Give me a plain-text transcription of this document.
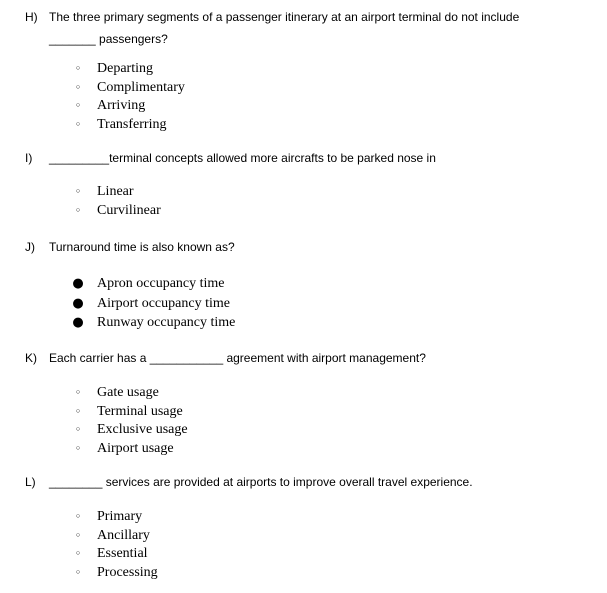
H) The three primary segments of a passenger itinerary at an airport terminal do not include
_______ passengers?
◦ Departing
◦ Complimentary
◦ Arriving
◦ Transferring
I) _________terminal concepts allowed more aircrafts to be parked nose in
◦ Linear
◦ Curvilinear
J) Turnaround time is also known as?
● Apron occupancy time
● Airport occupancy time
● Runway occupancy time
K) Each carrier has a ___________ agreement with airport management?
◦ Gate usage
◦ Terminal usage
◦ Exclusive usage
◦ Airport usage
L) ________ services are provided at airports to improve overall travel experience.
◦ Primary
◦ Ancillary
◦ Essential
◦ Processing
